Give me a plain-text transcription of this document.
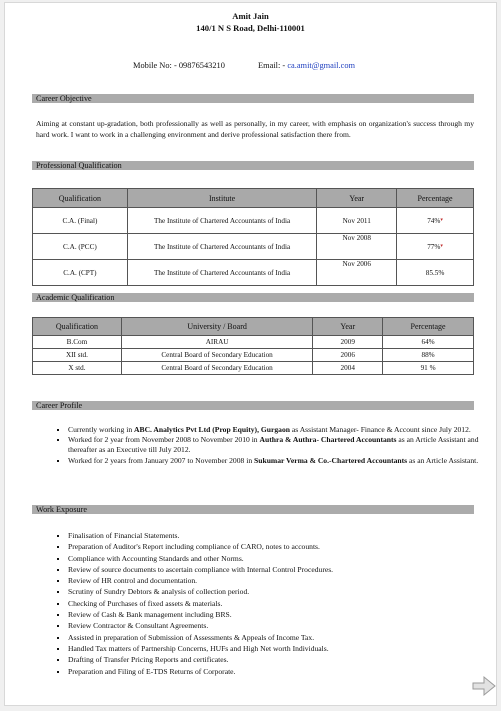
Amit Jain
140/1 N S Road, Delhi-110001
Mobile No: - 09876543210	Email: - ca.amit@gmail.com
Career Objective
Aiming at constant up-gradation, both professionally as well as personally, in my career, with emphasis on organization's success through my hard work. I want to work in a challenging environment and derive professional satisfaction there from.
Professional Qualification
Qualification	Institute	Year	Percentage
C.A. (Final)	The Institute of Chartered Accountants of India	Nov 2011	74%▾
C.A. (PCC)	The Institute of Chartered Accountants of India	Nov 2008	77%▾
C.A. (CPT)	The Institute of Chartered Accountants of India	Nov 2006	85.5%
Academic Qualification
Qualification	University / Board	Year	Percentage
B.Com	AIRAU	2009	64%
XII std.	Central Board of Secondary Education	2006	88%
X std.	Central Board of Secondary Education	2004	91 %
Career Profile
▪ Currently working in ABC. Analytics Pvt Ltd (Prop Equity), Gurgaon as Assistant Manager- Finance & Account since July 2012.
▪ Worked for 2 year from November 2008 to November 2010 in Authra & Authra- Chartered Accountants as an Article Assistant and thereafter as an Executive till July 2012.
▪ Worked for 2 years from January 2007 to November 2008 in Sukumar Verma & Co.-Chartered Accountants as an Article Assistant.
Work Exposure
▪ Finalisation of Financial Statements.
▪ Preparation of Auditor's Report including compliance of CARO, notes to accounts.
▪ Compliance with Accounting Standards and other Norms.
▪ Review of source documents to ascertain compliance with Internal Control Procedures.
▪ Review of HR control and documentation.
▪ Scrutiny of Sundry Debtors & analysis of collection period.
▪ Checking of Purchases of fixed assets & materials.
▪ Review of Cash & Bank management including BRS.
▪ Review Contractor & Consultant Agreements.
▪ Assisted in preparation of Submission of Assessments & Appeals of Income Tax.
▪ Handled Tax matters of Partnership Concerns, HUFs and High Net worth Individuals.
▪ Drafting of Transfer Pricing Reports and certificates.
▪ Preparation and Filing of E-TDS Returns of Corporate.
